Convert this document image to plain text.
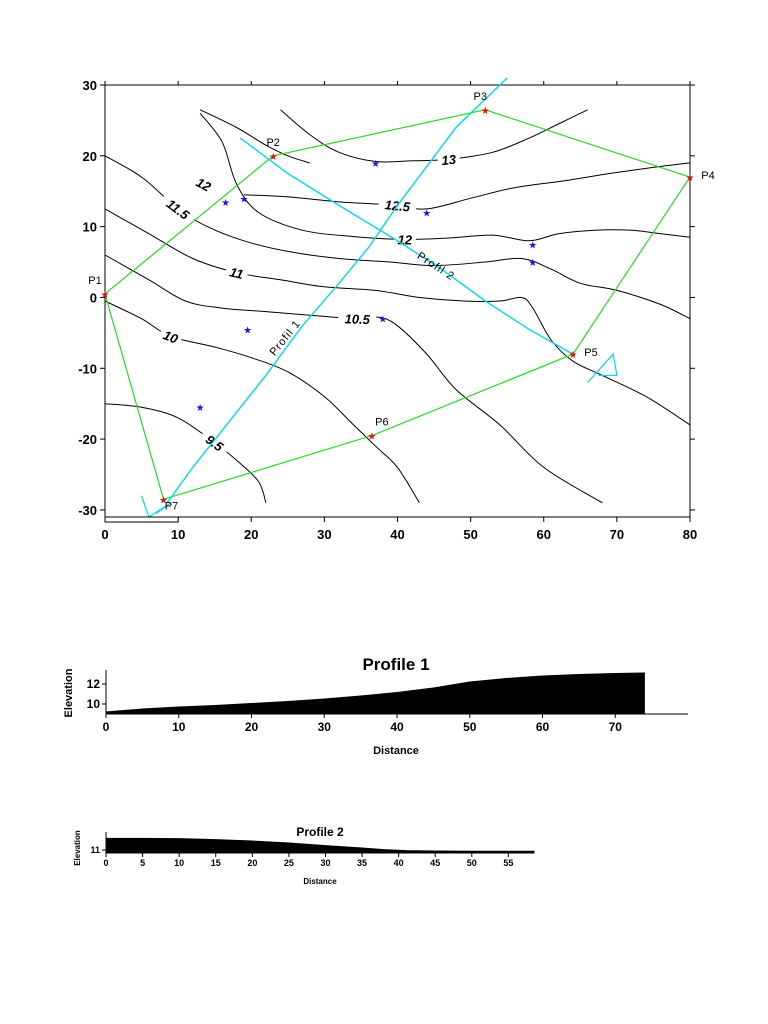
0	10	20	30	40	50	60	70	80
-30
-20
-10
0
10
20
30
13
12.5
12
12
11.5
11
10.5
10
9.5
Profil 1
Profil 2
★
★ ★
★
★
★
★
★
★
★
P1
★
P2
★
P3
★ P4
★ P5
★
P6
★
P7
0	10	20	30	40	50	60	70
10
12
Profile 1
Distance
Elevation
0	5	10	15	20	25	30	35	40	45	50	55
11
Profile 2
Distance
Elevation
